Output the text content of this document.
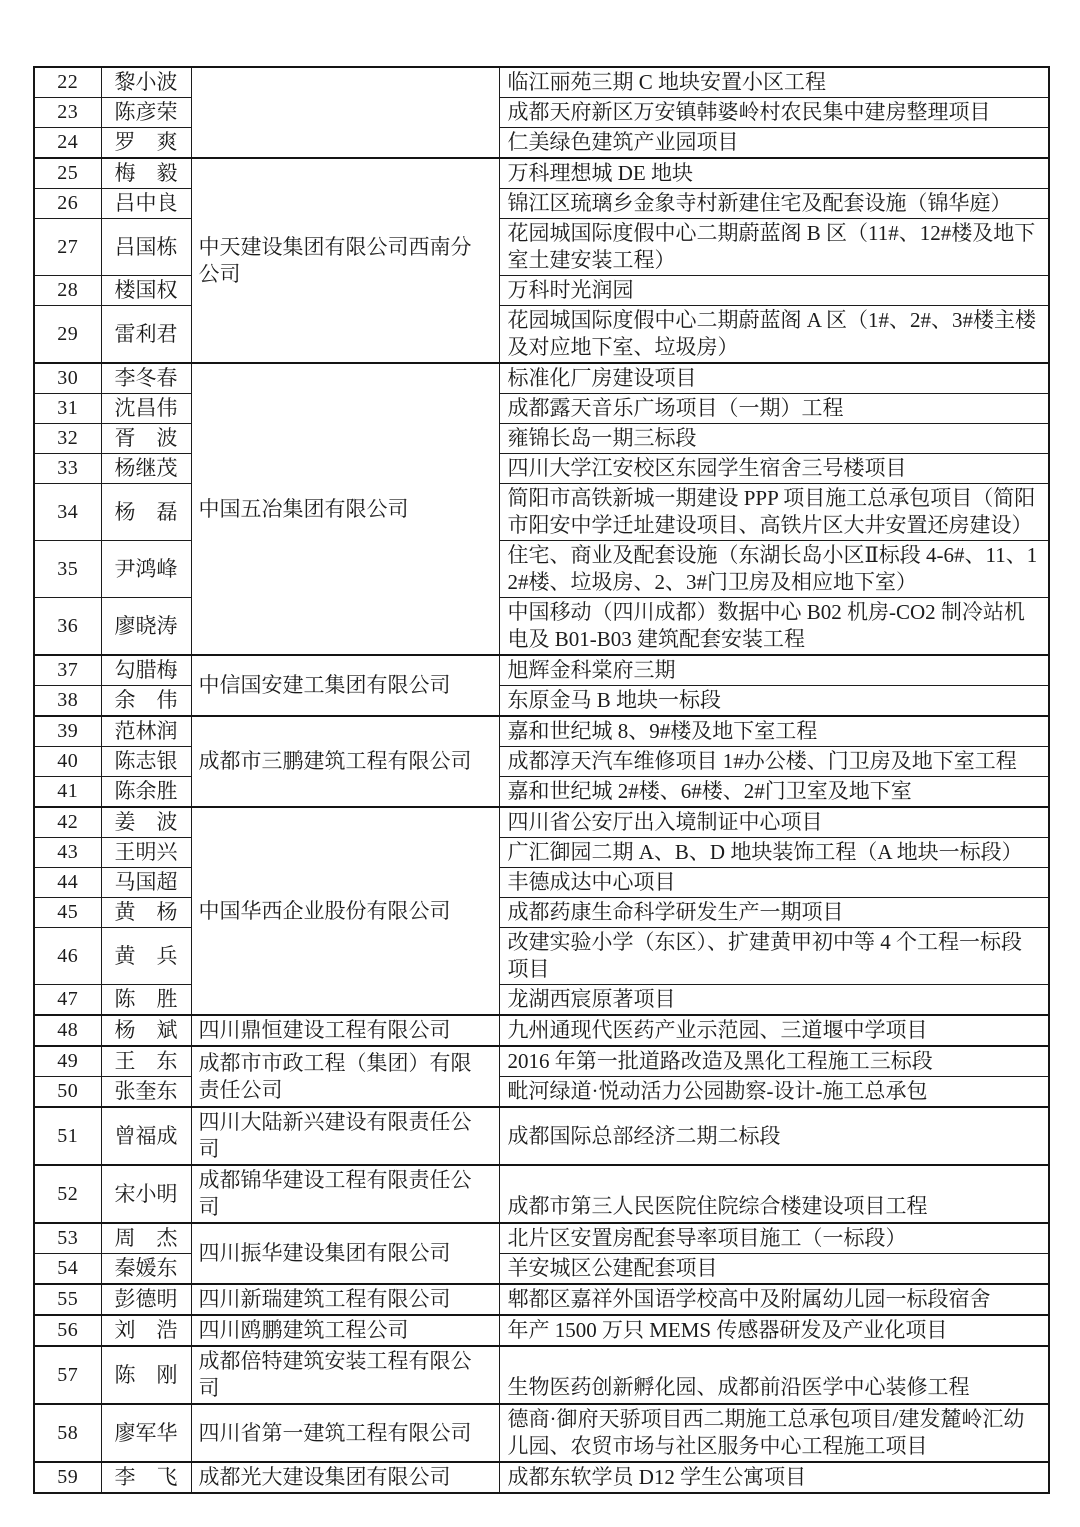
22	黎小波		临江丽苑三期 C 地块安置小区工程
23	陈彦荣		成都天府新区万安镇韩婆岭村农民集中建房整理项目
24	罗　爽		仁美绿色建筑产业园项目
25	梅　毅	中天建设集团有限公司西南分公司	万科理想城 DE 地块
26	吕中良		锦江区琉璃乡金象寺村新建住宅及配套设施（锦华庭）
27	吕国栋		花园城国际度假中心二期蔚蓝阁 B 区（11#、12#楼及地下室土建安装工程）
28	楼国权		万科时光润园
29	雷利君		花园城国际度假中心二期蔚蓝阁 A 区（1#、2#、3#楼主楼及对应地下室、垃圾房）
30	李冬春	中国五冶集团有限公司	标准化厂房建设项目
31	沈昌伟		成都露天音乐广场项目（一期）工程
32	胥　波		雍锦长岛一期三标段
33	杨继茂		四川大学江安校区东园学生宿舍三号楼项目
34	杨　磊		简阳市高铁新城一期建设 PPP 项目施工总承包项目（简阳市阳安中学迁址建设项目、高铁片区大井安置还房建设）
35	尹鸿峰		住宅、商业及配套设施（东湖长岛小区Ⅱ标段 4-6#、11、12#楼、垃圾房、2、3#门卫房及相应地下室）
36	廖晓涛		中国移动（四川成都）数据中心 B02 机房-CO2 制冷站机电及 B01-B03 建筑配套安装工程
37	勾腊梅	中信国安建工集团有限公司	旭辉金科棠府三期
38	余　伟		东原金马 B 地块一标段
39	范林润	成都市三鹏建筑工程有限公司	嘉和世纪城 8、9#楼及地下室工程
40	陈志银		成都淳天汽车维修项目 1#办公楼、门卫房及地下室工程
41	陈余胜		嘉和世纪城 2#楼、6#楼、2#门卫室及地下室
42	姜　波	中国华西企业股份有限公司	四川省公安厅出入境制证中心项目
43	王明兴		广汇御园二期 A、B、D 地块装饰工程（A 地块一标段）
44	马国超		丰德成达中心项目
45	黄　杨		成都药康生命科学研发生产一期项目
46	黄　兵		改建实验小学（东区）、扩建黄甲初中等 4 个工程一标段项目
47	陈　胜		龙湖西宸原著项目
48	杨　斌	四川鼎恒建设工程有限公司	九州通现代医药产业示范园、三道堰中学项目
49	王　东	成都市市政工程（集团）有限责任公司	2016 年第一批道路改造及黑化工程施工三标段
50	张奎东		毗河绿道·悦动活力公园勘察-设计-施工总承包
51	曾福成	四川大陆新兴建设有限责任公司	成都国际总部经济二期二标段
52	宋小明	成都锦华建设工程有限责任公司	成都市第三人民医院住院综合楼建设项目工程
53	周　杰	四川振华建设集团有限公司	北片区安置房配套导率项目施工（一标段）
54	秦媛东		羊安城区公建配套项目
55	彭德明	四川新瑞建筑工程有限公司	郫都区嘉祥外国语学校高中及附属幼儿园一标段宿舍
56	刘　浩	四川鸥鹏建筑工程公司	年产 1500 万只 MEMS 传感器研发及产业化项目
57	陈　刚	成都倍特建筑安装工程有限公司	生物医药创新孵化园、成都前沿医学中心装修工程
58	廖军华	四川省第一建筑工程有限公司	德商·御府天骄项目西二期施工总承包项目/建发麓岭汇幼儿园、农贸市场与社区服务中心工程施工项目
59	李　飞	成都光大建设集团有限公司	成都东软学员 D12 学生公寓项目
